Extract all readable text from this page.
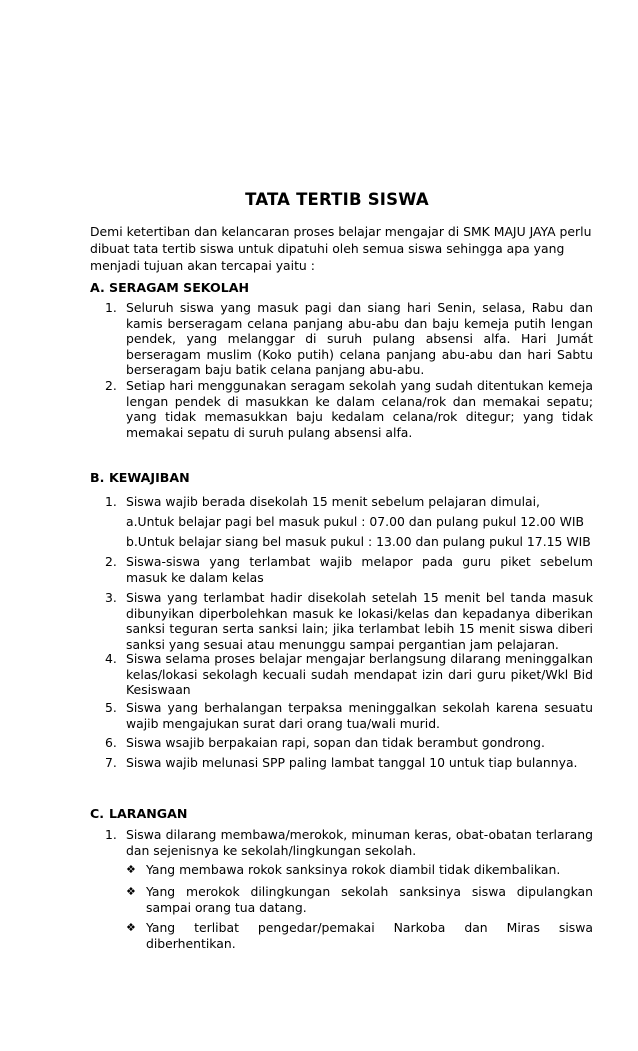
TATA TERTIB SISWA
Demi ketertiban dan kelancaran proses belajar mengajar di SMK MAJU JAYA perlu dibuat tata tertib siswa untuk dipatuhi oleh semua siswa sehingga apa yang menjadi tujuan akan tercapai yaitu :
A. SERAGAM SEKOLAH
1. Seluruh siswa yang masuk pagi dan siang hari Senin, selasa, Rabu dan kamis berseragam celana panjang abu-abu dan baju kemeja putih lengan pendek, yang melanggar di suruh pulang absensi alfa. Hari Jumát berseragam muslim (Koko putih) celana panjang abu-abu dan hari Sabtu berseragam baju batik celana panjang abu-abu.
2. Setiap hari menggunakan seragam sekolah yang sudah ditentukan kemeja lengan pendek di masukkan ke dalam celana/rok dan memakai sepatu; yang tidak memasukkan baju kedalam celana/rok ditegur; yang tidak memakai sepatu di suruh pulang absensi alfa.
B. KEWAJIBAN
1. Siswa wajib berada disekolah 15 menit sebelum pelajaran dimulai,
a.Untuk belajar pagi bel masuk pukul : 07.00 dan pulang pukul 12.00 WIB
b.Untuk belajar siang bel masuk pukul : 13.00 dan pulang pukul 17.15 WIB
2. Siswa-siswa yang terlambat wajib melapor pada guru piket sebelum masuk ke dalam kelas
3. Siswa yang terlambat hadir disekolah setelah 15 menit bel tanda masuk dibunyikan diperbolehkan masuk ke lokasi/kelas dan kepadanya diberikan sanksi teguran serta sanksi lain; jika terlambat lebih 15 menit siswa diberi sanksi yang sesuai atau menunggu sampai pergantian jam pelajaran.
4. Siswa selama proses belajar mengajar berlangsung dilarang meninggalkan kelas/lokasi sekolagh kecuali sudah mendapat izin dari guru piket/Wkl Bid Kesiswaan
5. Siswa yang berhalangan terpaksa meninggalkan sekolah karena sesuatu wajib mengajukan surat dari orang tua/wali murid.
6. Siswa wsajib berpakaian rapi, sopan dan tidak berambut gondrong.
7. Siswa wajib melunasi SPP paling lambat tanggal 10 untuk tiap bulannya.
C. LARANGAN
1. Siswa dilarang membawa/merokok, minuman keras, obat-obatan terlarang dan sejenisnya ke sekolah/lingkungan sekolah.
❖ Yang membawa rokok sanksinya rokok diambil tidak dikembalikan.
❖ Yang merokok dilingkungan sekolah sanksinya siswa dipulangkan sampai orang tua datang.
❖ Yang terlibat pengedar/pemakai Narkoba dan Miras siswa diberhentikan.
